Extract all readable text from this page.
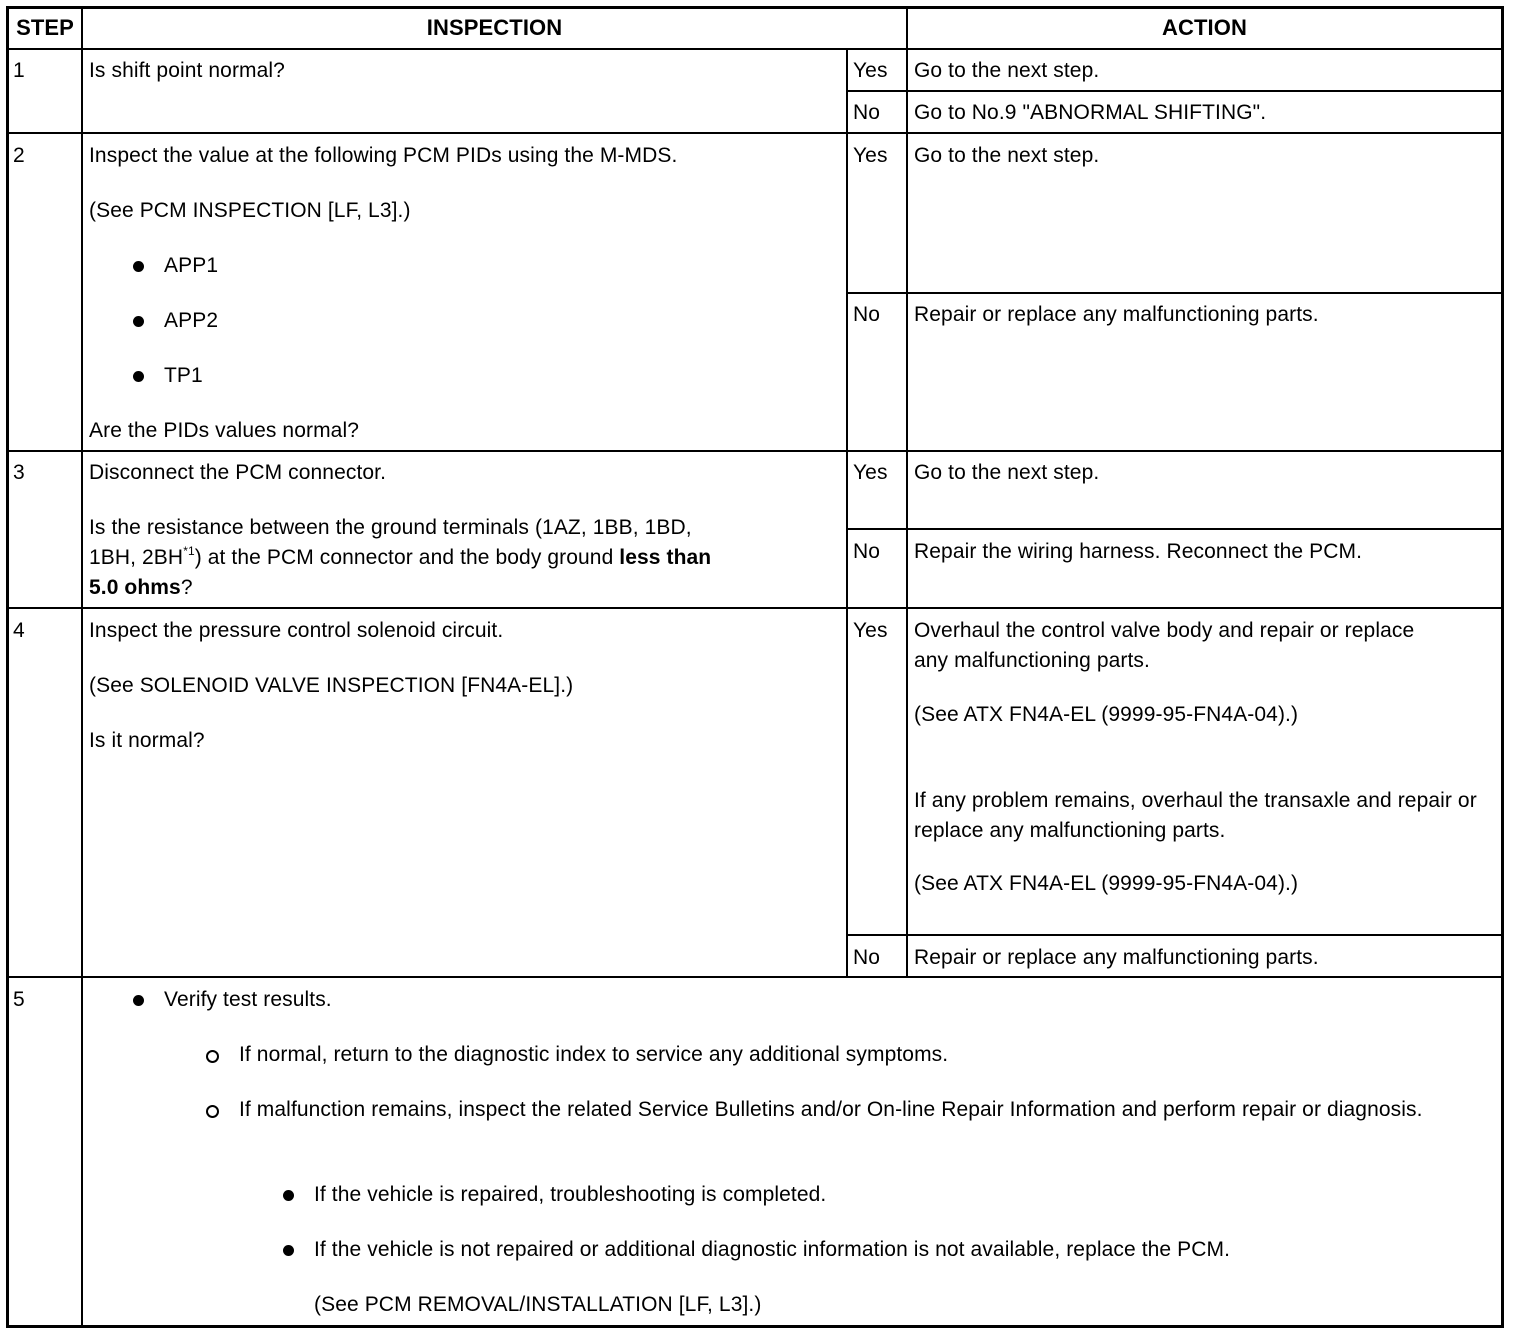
STEP	INSPECTION	ACTION
1	Is shift point normal?	Yes Go to the next step.
No Go to No.9 "ABNORMAL SHIFTING".
2	Inspect the value at the following PCM PIDs using the M-MDS.
(See PCM INSPECTION [LF, L3].)
APP1
APP2
TP1
Are the PIDs values normal?
Yes Go to the next step.
No Repair or replace any malfunctioning parts.
3	Disconnect the PCM connector.
Is the resistance between the ground terminals (1AZ, 1BB, 1BD,
1BH, 2BH$^{*1}$) at the PCM connector and the body ground less than
5.0 ohms?
Yes Go to the next step.
No Repair the wiring harness. Reconnect the PCM.
4	Inspect the pressure control solenoid circuit.
(See SOLENOID VALVE INSPECTION [FN4A-EL].)
Is it normal?
Yes Overhaul the control valve body and repair or replace any malfunctioning parts.
(See ATX FN4A-EL (9999-95-FN4A-04).)
If any problem remains, overhaul the transaxle and repair or replace any malfunctioning parts.
(See ATX FN4A-EL (9999-95-FN4A-04).)
No Repair or replace any malfunctioning parts.
5	Verify test results.
If normal, return to the diagnostic index to service any additional symptoms.
If malfunction remains, inspect the related Service Bulletins and/or On-line Repair Information and perform repair or diagnosis.
If the vehicle is repaired, troubleshooting is completed.
If the vehicle is not repaired or additional diagnostic information is not available, replace the PCM.
(See PCM REMOVAL/INSTALLATION [LF, L3].)
